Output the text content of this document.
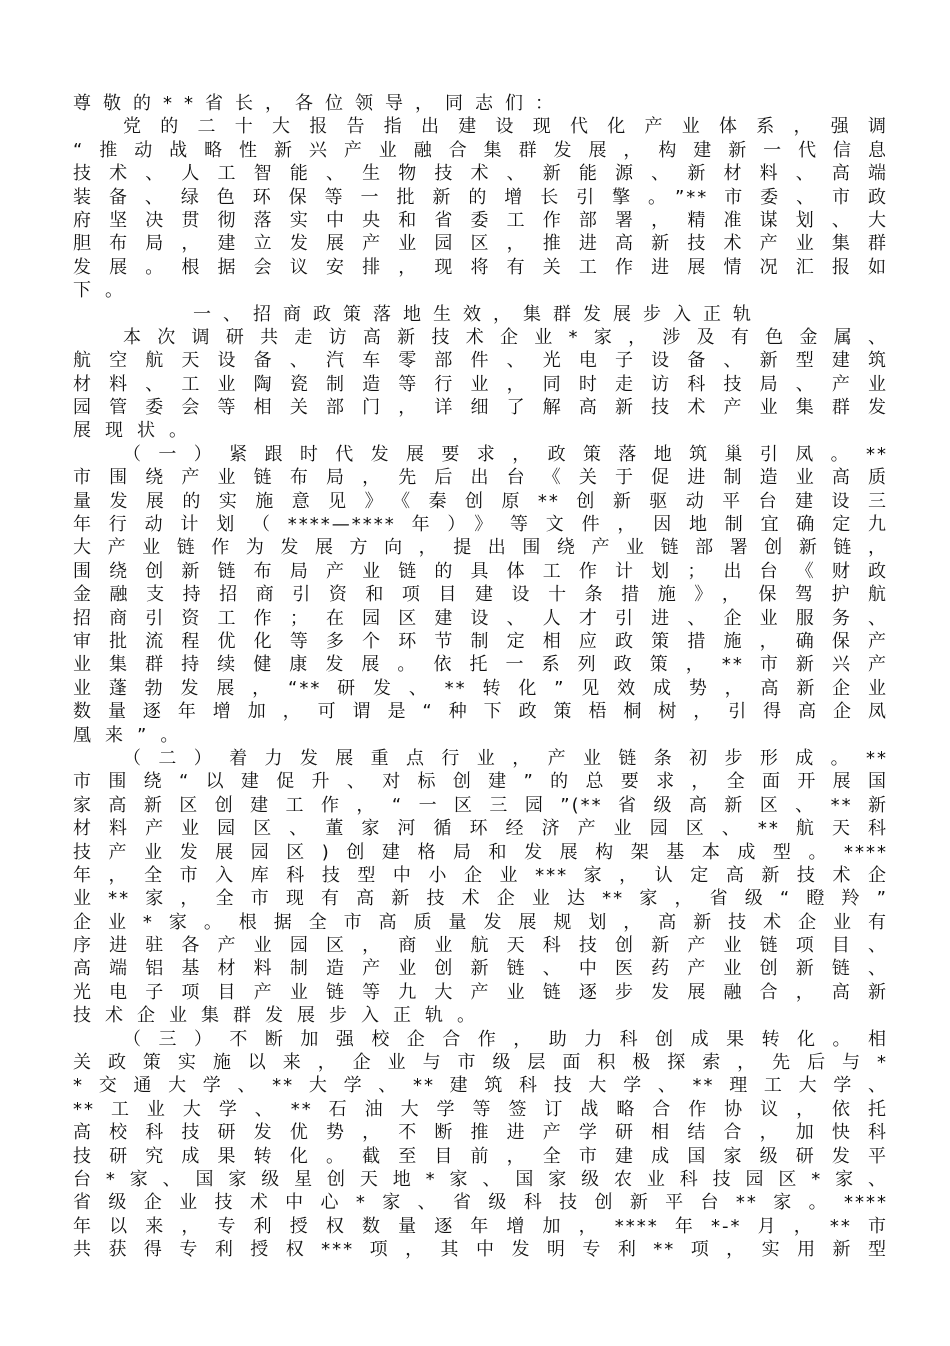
尊敬的**省长，各位领导，同志们：
党的二十大报告指出建设现代化产业体系，强调
“推动战略性新兴产业融合集群发展，构建新一代信息
技术、人工智能、生物技术、新能源、新材料、高端
装备、绿色环保等一批新的增长引擎。”**市委、市政
府坚决贯彻落实中央和省委工作部署，精准谋划、大
胆布局，建立发展产业园区，推进高新技术产业集群
发展。根据会议安排，现将有关工作进展情况汇报如
下。
一、招商政策落地生效，集群发展步入正轨
本次调研共走访高新技术企业*家，涉及有色金属、
航空航天设备、汽车零部件、光电子设备、新型建筑
材料、工业陶瓷制造等行业，同时走访科技局、产业
园管委会等相关部门，详细了解高新技术产业集群发
展现状。
（一）紧跟时代发展要求，政策落地筑巢引凤。**
市围绕产业链布局，先后出台《关于促进制造业高质
量发展的实施意见》《秦创原**创新驱动平台建设三
年行动计划（****—****年）》等文件，因地制宜确定九
大产业链作为发展方向，提出围绕产业链部署创新链，
围绕创新链布局产业链的具体工作计划；出台《财政
金融支持招商引资和项目建设十条措施》，保驾护航
招商引资工作；在园区建设、人才引进、企业服务、
审批流程优化等多个环节制定相应政策措施，确保产
业集群持续健康发展。依托一系列政策，**市新兴产
业蓬勃发展，“**研发、**转化”见效成势，高新企业
数量逐年增加，可谓是“种下政策梧桐树，引得高企凤
凰来”。
（二）着力发展重点行业，产业链条初步形成。**
市围绕“以建促升、对标创建”的总要求，全面开展国
家高新区创建工作，“一区三园”(**省级高新区、**新
材料产业园区、董家河循环经济产业园区、**航天科
技产业发展园区)创建格局和发展构架基本成型。****
年，全市入库科技型中小企业***家，认定高新技术企
业**家，全市现有高新技术企业达**家，省级“瞪羚”
企业*家。根据全市高质量发展规划，高新技术企业有
序进驻各产业园区，商业航天科技创新产业链项目、
高端铝基材料制造产业创新链、中医药产业创新链、
光电子项目产业链等九大产业链逐步发展融合，高新
技术企业集群发展步入正轨。
（三）不断加强校企合作，助力科创成果转化。相
关政策实施以来，企业与市级层面积极探索，先后与*
*交通大学、**大学、**建筑科技大学、**理工大学、
**工业大学、**石油大学等签订战略合作协议，依托
高校科技研发优势，不断推进产学研相结合，加快科
技研究成果转化。截至目前，全市建成国家级研发平
台*家、国家级星创天地*家、国家级农业科技园区*家、
省级企业技术中心*家、省级科技创新平台**家。****
年以来，专利授权数量逐年增加，****年*-*月，**市
共获得专利授权***项，其中发明专利**项，实用新型
